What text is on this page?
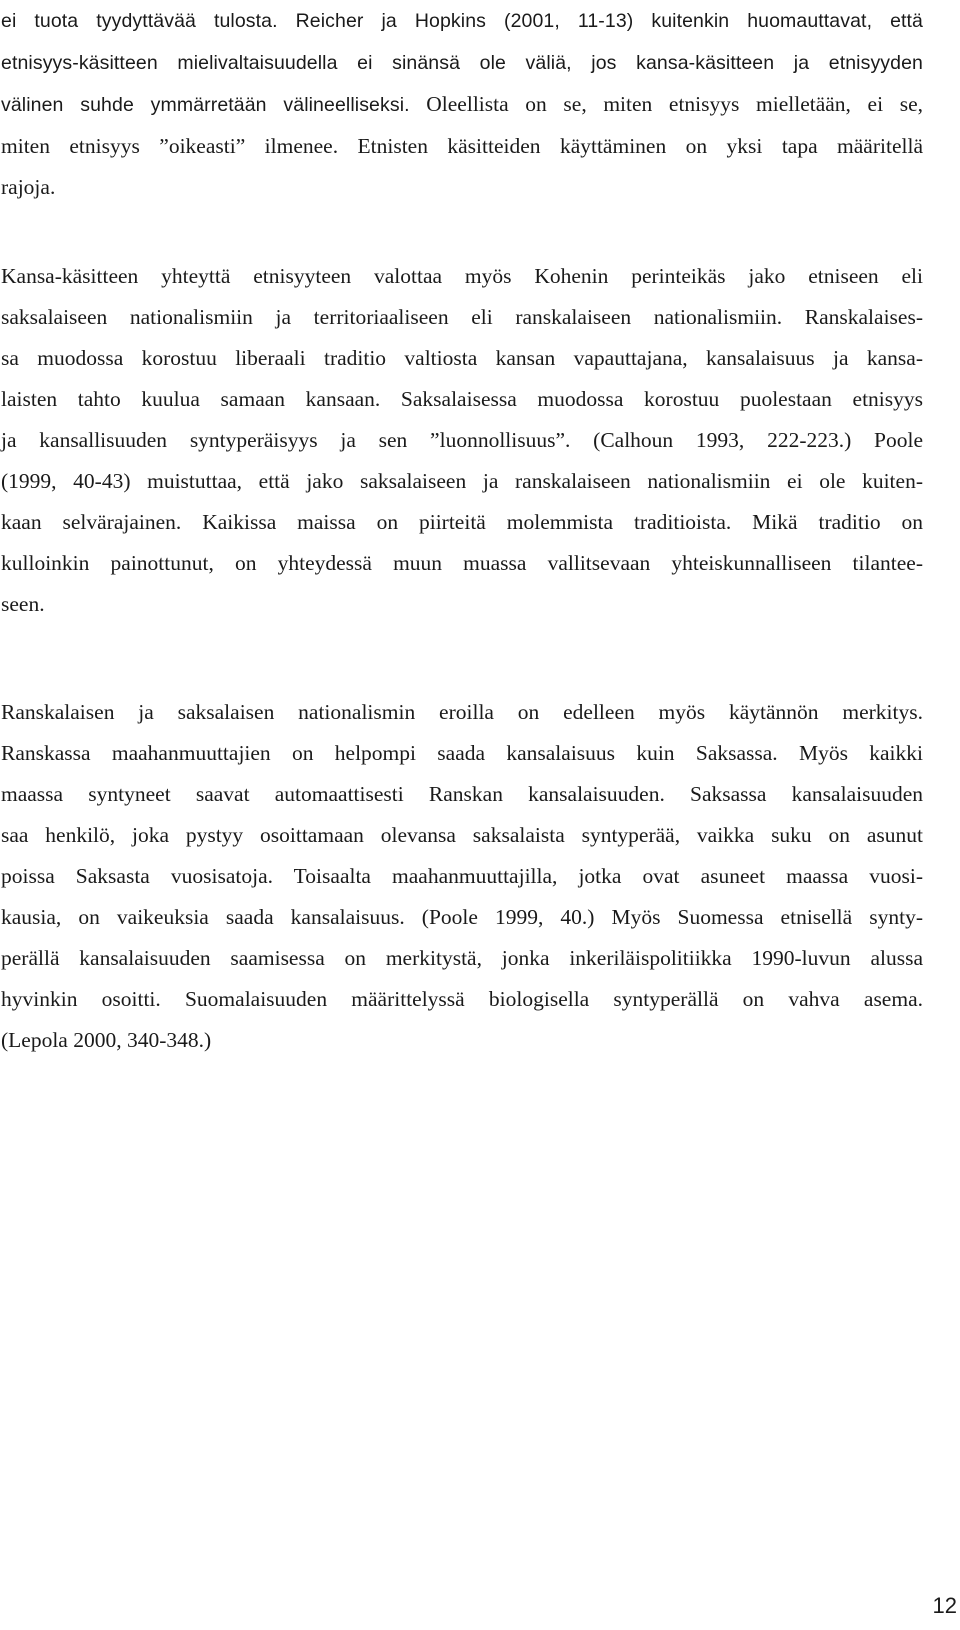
ei tuota tyydyttävää tulosta. Reicher ja Hopkins (2001, 11-13) kuitenkin huomauttavat, että
etnisyys-käsitteen mielivaltaisuudella ei sinänsä ole väliä, jos kansa-käsitteen ja etnisyyden
välinen suhde ymmärretään välineelliseksi. Oleellista on se, miten etnisyys mielletään, ei se,
miten etnisyys ”oikeasti” ilmenee. Etnisten käsitteiden käyttäminen on yksi tapa määritellä
rajoja.
Kansa-käsitteen yhteyttä etnisyyteen valottaa myös Kohenin perinteikäs jako etniseen eli
saksalaiseen nationalismiin ja territoriaaliseen eli ranskalaiseen nationalismiin. Ranskalaises-
sa muodossa korostuu liberaali traditio valtiosta kansan vapauttajana, kansalaisuus ja kansa-
laisten tahto kuulua samaan kansaan. Saksalaisessa muodossa korostuu puolestaan etnisyys
ja kansallisuuden syntyperäisyys ja sen ”luonnollisuus”. (Calhoun 1993, 222-223.) Poole
(1999, 40-43) muistuttaa, että jako saksalaiseen ja ranskalaiseen nationalismiin ei ole kuiten-
kaan selvärajainen. Kaikissa maissa on piirteitä molemmista traditioista. Mikä traditio on
kulloinkin painottunut, on yhteydessä muun muassa vallitsevaan yhteiskunnalliseen tilantee-
seen.
Ranskalaisen ja saksalaisen nationalismin eroilla on edelleen myös käytännön merkitys.
Ranskassa maahanmuuttajien on helpompi saada kansalaisuus kuin Saksassa. Myös kaikki
maassa syntyneet saavat automaattisesti Ranskan kansalaisuuden. Saksassa kansalaisuuden
saa henkilö, joka pystyy osoittamaan olevansa saksalaista syntyperää, vaikka suku on asunut
poissa Saksasta vuosisatoja. Toisaalta maahanmuuttajilla, jotka ovat asuneet maassa vuosi-
kausia, on vaikeuksia saada kansalaisuus. (Poole 1999, 40.) Myös Suomessa etnisellä synty-
perällä kansalaisuuden saamisessa on merkitystä, jonka inkeriläispolitiikka 1990-luvun alussa
hyvinkin osoitti. Suomalaisuuden määrittelyssä biologisella syntyperällä on vahva asema.
(Lepola 2000, 340-348.)
12
